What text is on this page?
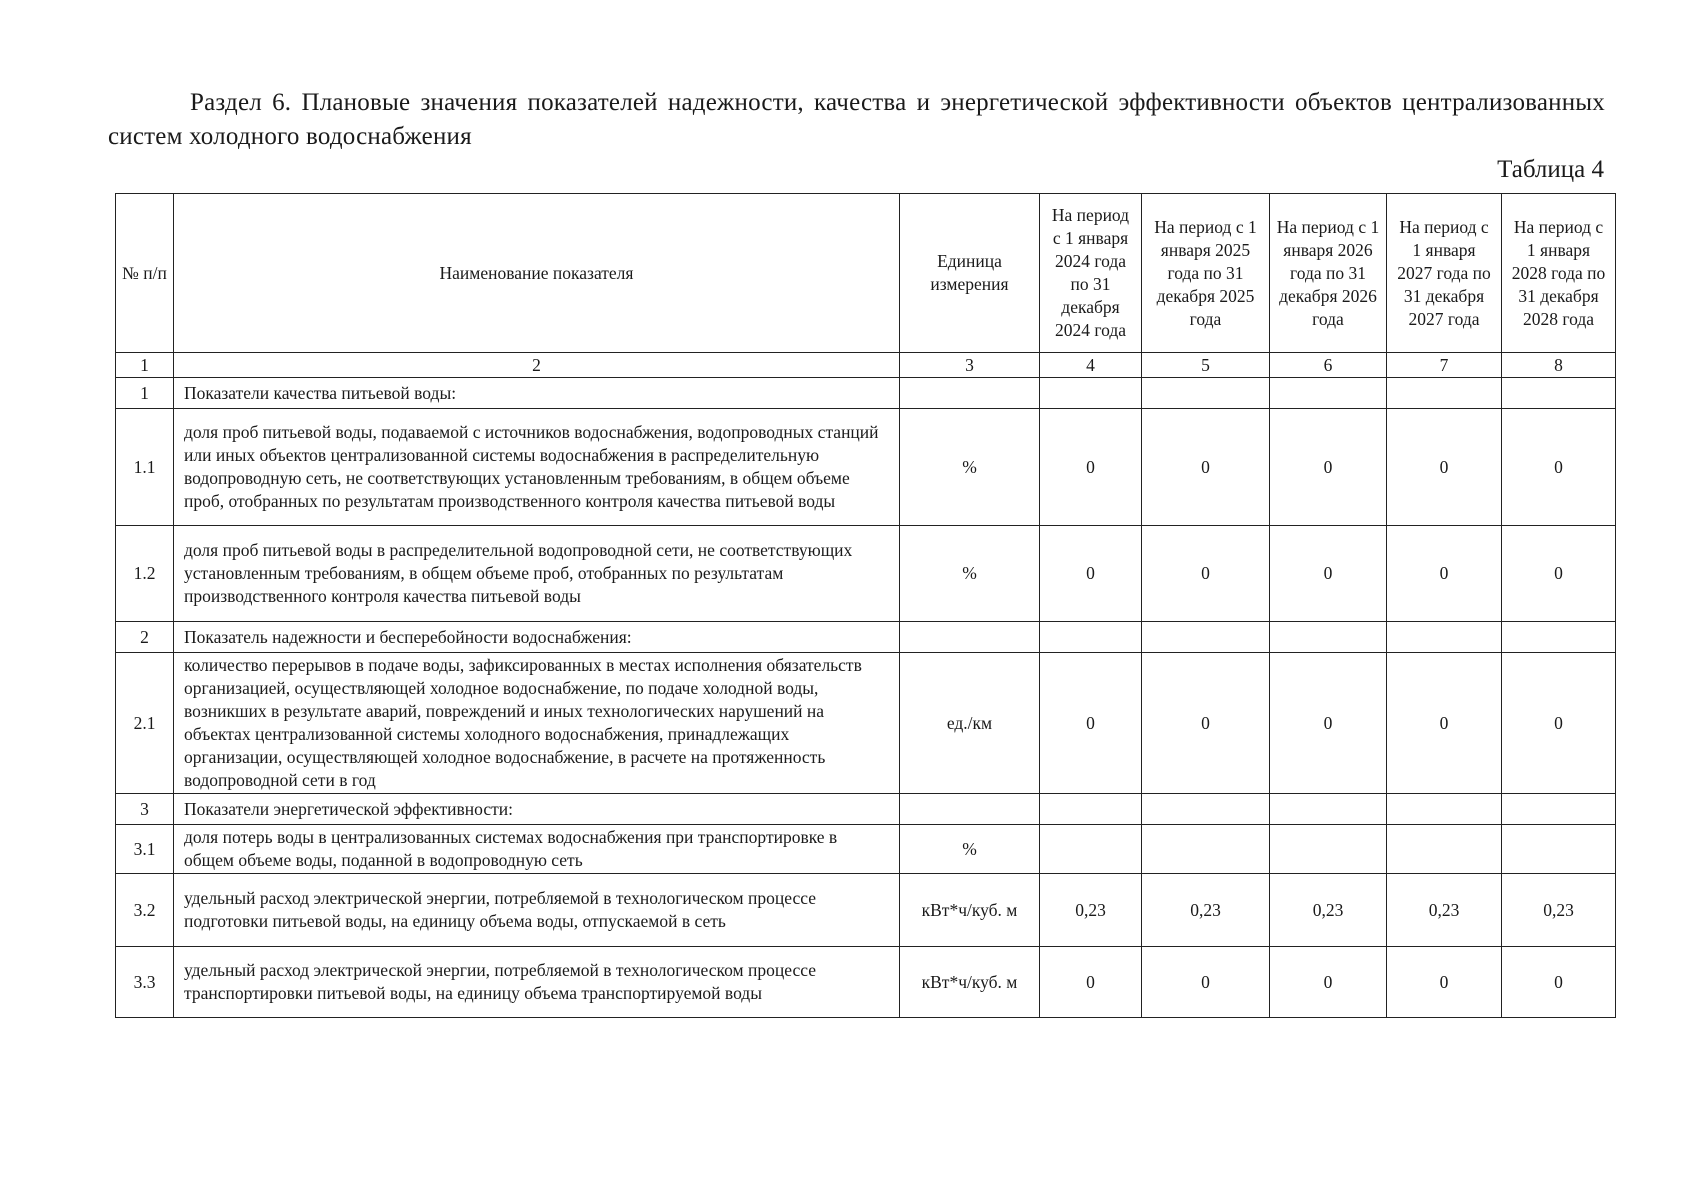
Раздел 6. Плановые значения показателей надежности, качества и энергетической эффективности объектов централизованных систем холодного водоснабжения
Таблица 4
№ п/п	Наименование показателя	Единица измерения	На период с 1 января 2024 года по 31 декабря 2024 года	На период с 1 января 2025 года по 31 декабря 2025 года	На период с 1 января 2026 года по 31 декабря 2026 года	На период с 1 января 2027 года по 31 декабря 2027 года	На период с 1 января 2028 года по 31 декабря 2028 года
1	2	3	4	5	6	7	8
1	Показатели качества питьевой воды:						
1.1	доля проб питьевой воды, подаваемой с источников водоснабжения, водопроводных станций или иных объектов централизованной системы водоснабжения в распределительную водопроводную сеть, не соответствующих установленным требованиям, в общем объеме проб, отобранных по результатам производственного контроля качества питьевой воды	%	0	0	0	0	0
1.2	доля проб питьевой воды в распределительной водопроводной сети, не соответствующих установленным требованиям, в общем объеме проб, отобранных по результатам производственного контроля качества питьевой воды	%	0	0	0	0	0
2	Показатель надежности и бесперебойности водоснабжения:						
2.1	количество перерывов в подаче воды, зафиксированных в местах исполнения обязательств организацией, осуществляющей холодное водоснабжение, по подаче холодной воды, возникших в результате аварий, повреждений и иных технологических нарушений на объектах централизованной системы холодного водоснабжения, принадлежащих организации, осуществляющей холодное водоснабжение, в расчете на протяженность водопроводной сети в год	ед./км	0	0	0	0	0
3	Показатели энергетической эффективности:						
3.1	доля потерь воды в централизованных системах водоснабжения при транспортировке в общем объеме воды, поданной в водопроводную сеть	%					
3.2	удельный расход электрической энергии, потребляемой в технологическом процессе подготовки питьевой воды, на единицу объема воды, отпускаемой в сеть	кВт*ч/куб. м	0,23	0,23	0,23	0,23	0,23
3.3	удельный расход электрической энергии, потребляемой в технологическом процессе транспортировки питьевой воды, на единицу объема транспортируемой воды	кВт*ч/куб. м	0	0	0	0	0
